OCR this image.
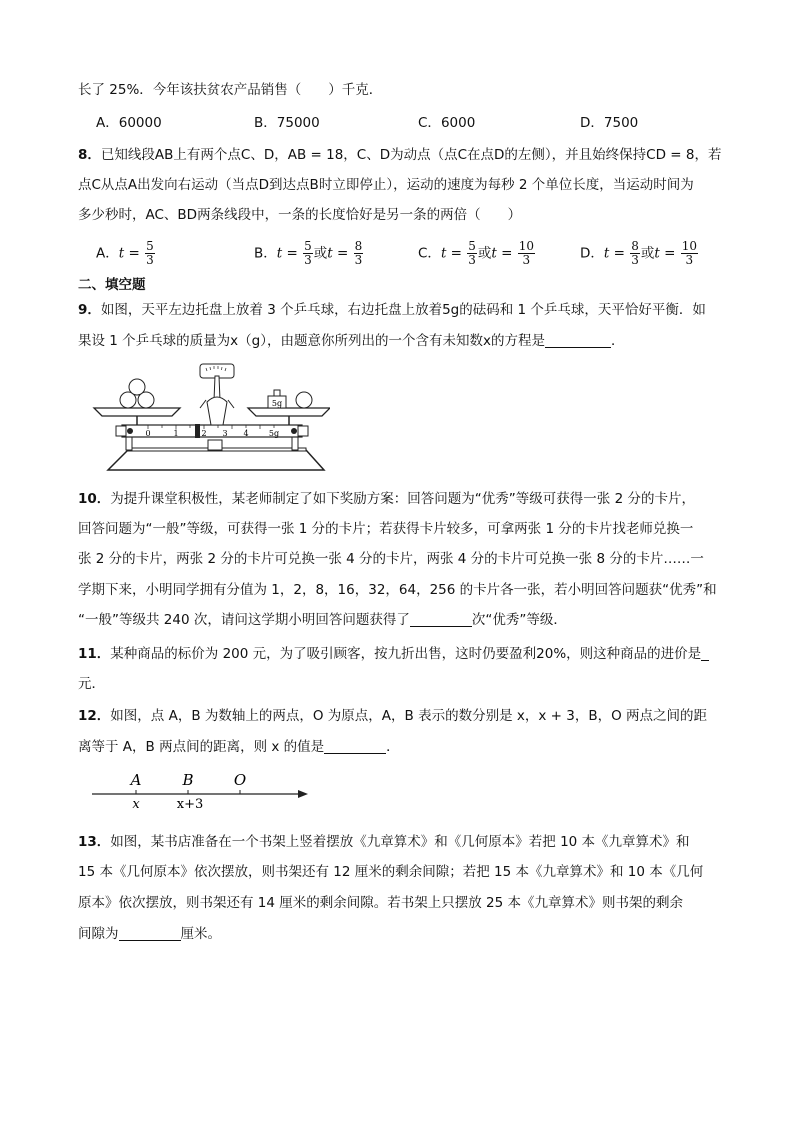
长了 25%．今年该扶贫农产品销售（　　）千克．
A．60000	B．75000	C．6000	D．7500
8．已知线段AB上有两个点C、D，AB = 18，C、D为动点（点C在点D的左侧），并且始终保持CD = 8，若
点C从点A出发向右运动（当点D到达点B时立即停止），运动的速度为每秒 2 个单位长度，当运动时间为
多少秒时，AC、BD两条线段中，一条的长度恰好是另一条的两倍（　　）
A．$t = \frac{5}{3}$	B．$t = \frac{5}{3}$ 或$t = \frac{8}{3}$	C．$t = \frac{5}{3}$ 或$t = \frac{10}{3}$	D．$t = \frac{8}{3}$ 或$t = \frac{10}{3}$
二、填空题
9．如图，天平左边托盘上放着 3 个乒乓球，右边托盘上放着5g的砝码和 1 个乒乓球，天平恰好平衡．如
果设 1 个乒乓球的质量为x（g），由题意你所列出的一个含有未知数x的方程是	．
0	1	2 3 4	5g
5g
10．为提升课堂积极性，某老师制定了如下奖励方案：回答问题为“优秀”等级可获得一张 2 分的卡片，
回答问题为“一般”等级，可获得一张 1 分的卡片；若获得卡片较多，可拿两张 1 分的卡片找老师兑换一
张 2 分的卡片，两张 2 分的卡片可兑换一张 4 分的卡片，两张 4 分的卡片可兑换一张 8 分的卡片……一
学期下来，小明同学拥有分值为 1，2，8，16，32，64，256 的卡片各一张，若小明回答问题获“优秀”和
“一般”等级共 240 次，请问这学期小明回答问题获得了	次“优秀”等级．
11．某种商品的标价为 200 元，为了吸引顾客，按九折出售，这时仍要盈利20%，则这种商品的进价是
元．
12．如图，点 A，B 为数轴上的两点，O 为原点，A，B 表示的数分别是 x，x + 3，B，O 两点之间的距
离等于 A，B 两点间的距离，则 x 的值是	．
A	B	O
x	x+3
13．如图，某书店准备在一个书架上竖着摆放《九章算术》和《几何原本》若把 10 本《九章算术》和
15 本《几何原本》依次摆放，则书架还有 12 厘米的剩余间隙；若把 15 本《九章算术》和 10 本《几何
原本》依次摆放，则书架还有 14 厘米的剩余间隙。若书架上只摆放 25 本《九章算术》则书架的剩余
间隙为	厘米。
